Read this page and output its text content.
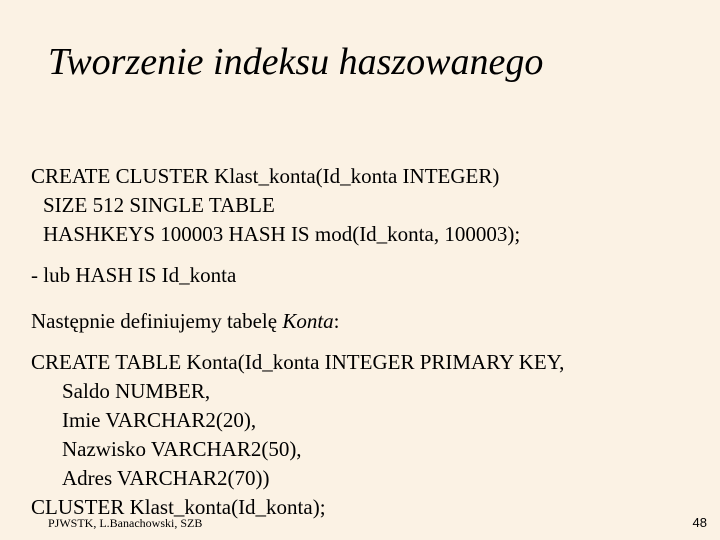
Tworzenie indeksu haszowanego
CREATE CLUSTER Klast_konta(Id_konta INTEGER)
SIZE 512 SINGLE TABLE
HASHKEYS 100003 HASH IS mod(Id_konta, 100003);
- lub HASH IS Id_konta
Następnie definiujemy tabelę Konta:
CREATE TABLE Konta(Id_konta INTEGER PRIMARY KEY,
Saldo NUMBER,
Imie VARCHAR2(20),
Nazwisko VARCHAR2(50),
Adres VARCHAR2(70))
CLUSTER Klast_konta(Id_konta);
PJWSTK, L.Banachowski, SZB	48
